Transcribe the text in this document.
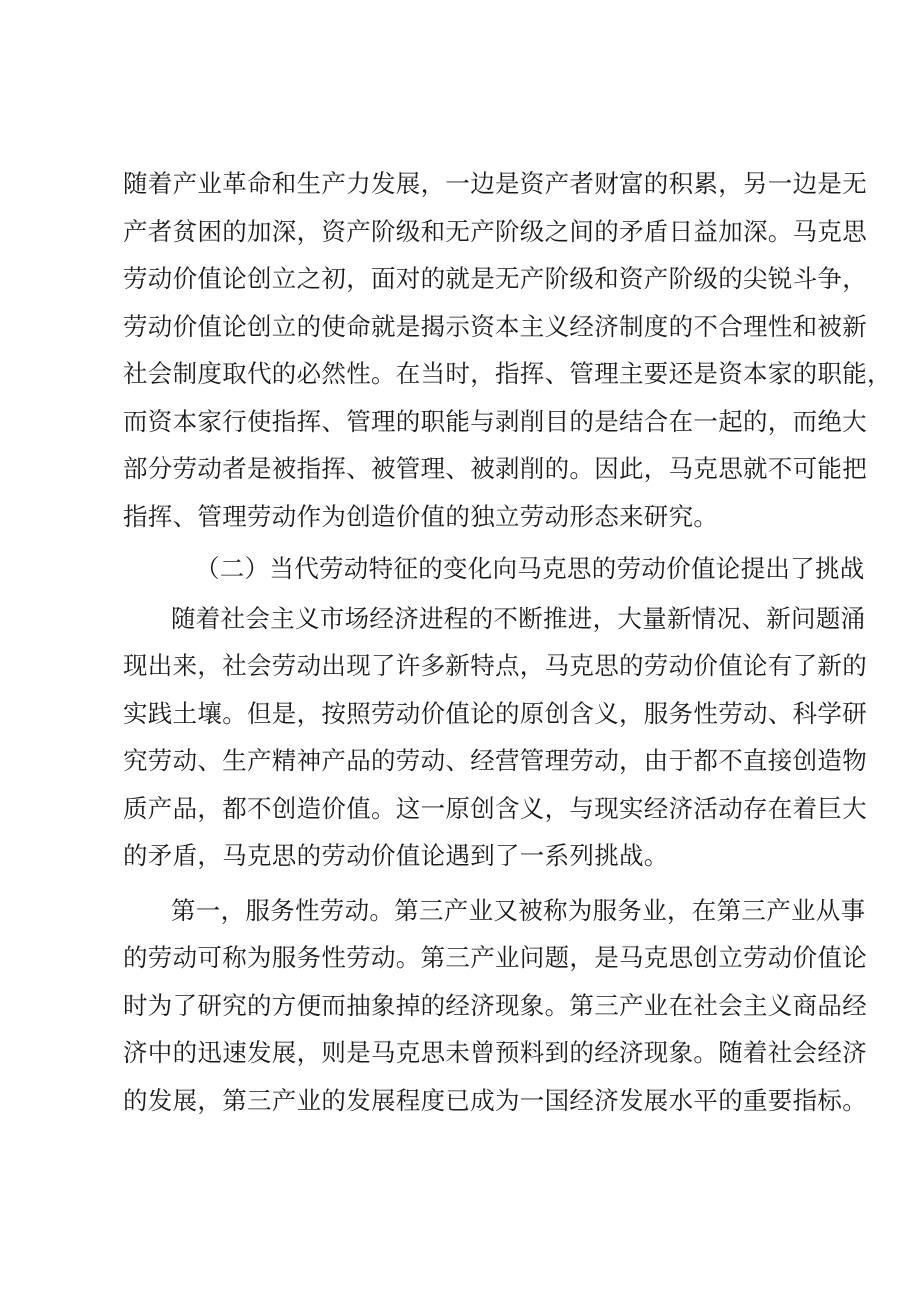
随着产业革命和生产力发展，一边是资产者财富的积累，另一边是无
产者贫困的加深，资产阶级和无产阶级之间的矛盾日益加深。马克思
劳动价值论创立之初，面对的就是无产阶级和资产阶级的尖锐斗争，
劳动价值论创立的使命就是揭示资本主义经济制度的不合理性和被新
社会制度取代的必然性。在当时，指挥、管理主要还是资本家的职能，
而资本家行使指挥、管理的职能与剥削目的是结合在一起的，而绝大
部分劳动者是被指挥、被管理、被剥削的。因此，马克思就不可能把
指挥、管理劳动作为创造价值的独立劳动形态来研究。
（二）当代劳动特征的变化向马克思的劳动价值论提出了挑战
随着社会主义市场经济进程的不断推进，大量新情况、新问题涌
现出来，社会劳动出现了许多新特点，马克思的劳动价值论有了新的
实践土壤。但是，按照劳动价值论的原创含义，服务性劳动、科学研
究劳动、生产精神产品的劳动、经营管理劳动，由于都不直接创造物
质产品，都不创造价值。这一原创含义，与现实经济活动存在着巨大
的矛盾，马克思的劳动价值论遇到了一系列挑战。
第一，服务性劳动。第三产业又被称为服务业，在第三产业从事
的劳动可称为服务性劳动。第三产业问题，是马克思创立劳动价值论
时为了研究的方便而抽象掉的经济现象。第三产业在社会主义商品经
济中的迅速发展，则是马克思未曾预料到的经济现象。随着社会经济
的发展，第三产业的发展程度已成为一国经济发展水平的重要指标。
